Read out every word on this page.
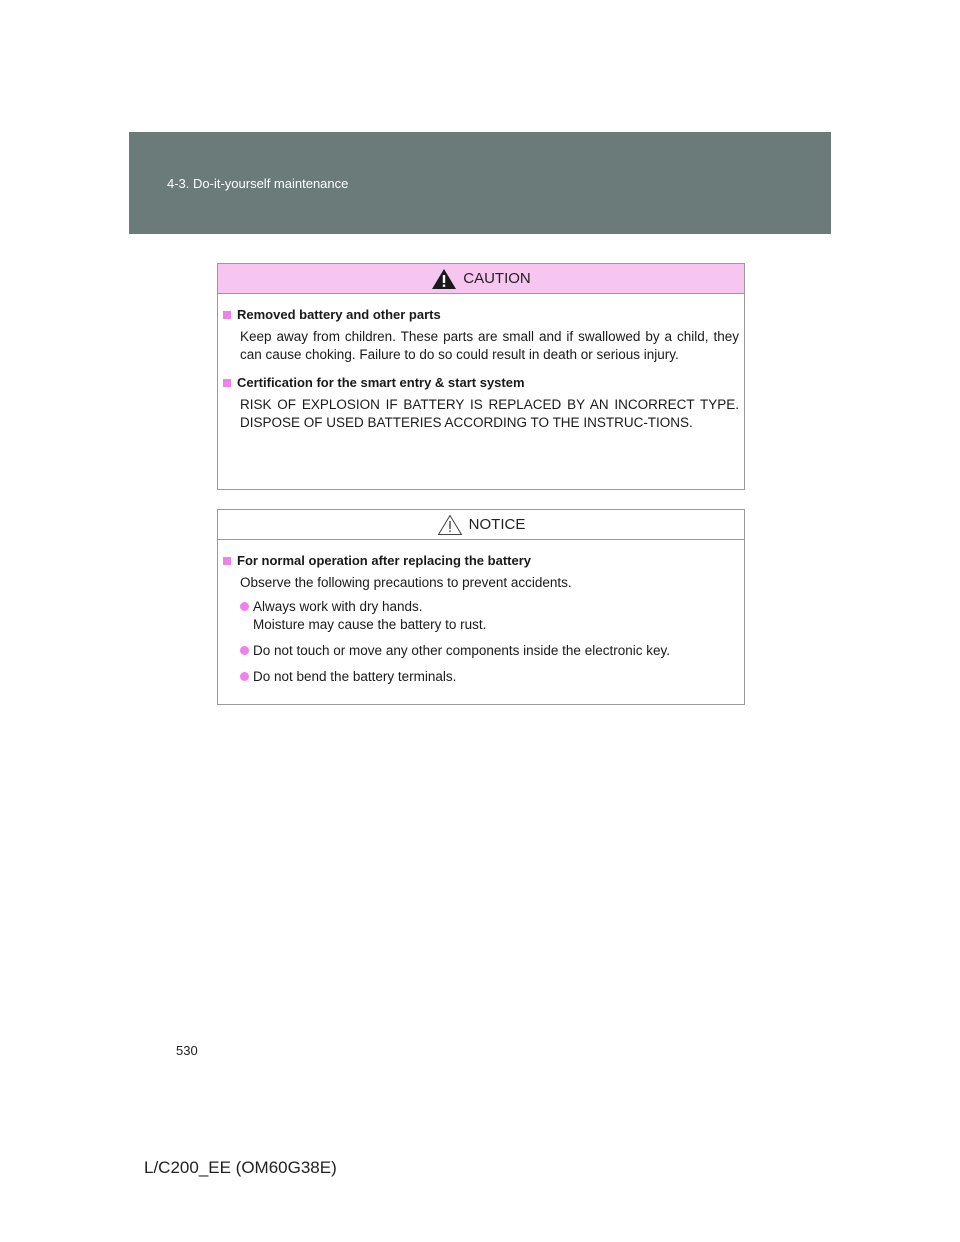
4-3. Do-it-yourself maintenance
CAUTION
Removed battery and other parts
Keep away from children. These parts are small and if swallowed by a child, they can cause choking. Failure to do so could result in death or serious injury.
Certification for the smart entry & start system
RISK OF EXPLOSION IF BATTERY IS REPLACED BY AN INCORRECT TYPE. DISPOSE OF USED BATTERIES ACCORDING TO THE INSTRUC-TIONS.
NOTICE
For normal operation after replacing the battery
Observe the following precautions to prevent accidents.
Always work with dry hands.
Moisture may cause the battery to rust.
Do not touch or move any other components inside the electronic key.
Do not bend the battery terminals.
530
L/C200_EE (OM60G38E)
